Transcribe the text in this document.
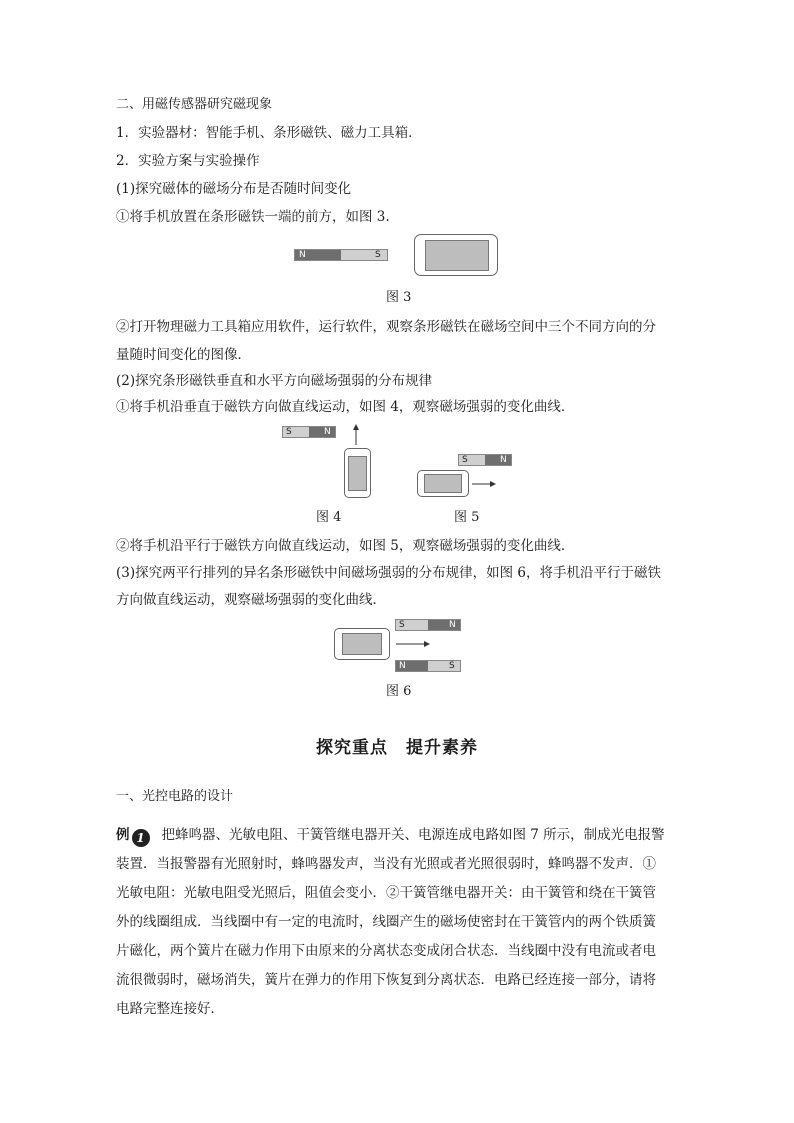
二、用磁传感器研究磁现象
1．实验器材：智能手机、条形磁铁、磁力工具箱．
2．实验方案与实验操作
(1)探究磁体的磁场分布是否随时间变化
①将手机放置在条形磁铁一端的前方，如图 3.
N	S
图 3
②打开物理磁力工具箱应用软件，运行软件，观察条形磁铁在磁场空间中三个不同方向的分
量随时间变化的图像．
(2)探究条形磁铁垂直和水平方向磁场强弱的分布规律
①将手机沿垂直于磁铁方向做直线运动，如图 4，观察磁场强弱的变化曲线．
S	N
S	N
图 4	图 5
②将手机沿平行于磁铁方向做直线运动，如图 5，观察磁场强弱的变化曲线．
(3)探究两平行排列的异名条形磁铁中间磁场强弱的分布规律，如图 6，将手机沿平行于磁铁
方向做直线运动，观察磁场强弱的变化曲线．
S	N
N	S
图 6
探究重点　提升素养
一、光控电路的设计
例 1 把蜂鸣器、光敏电阻、干簧管继电器开关、电源连成电路如图 7 所示，制成光电报警
装置．当报警器有光照射时，蜂鸣器发声，当没有光照或者光照很弱时，蜂鸣器不发声．①
光敏电阻：光敏电阻受光照后，阻值会变小．②干簧管继电器开关：由干簧管和绕在干簧管
外的线圈组成．当线圈中有一定的电流时，线圈产生的磁场使密封在干簧管内的两个铁质簧
片磁化，两个簧片在磁力作用下由原来的分离状态变成闭合状态．当线圈中没有电流或者电
流很微弱时，磁场消失，簧片在弹力的作用下恢复到分离状态．电路已经连接一部分，请将
电路完整连接好．
